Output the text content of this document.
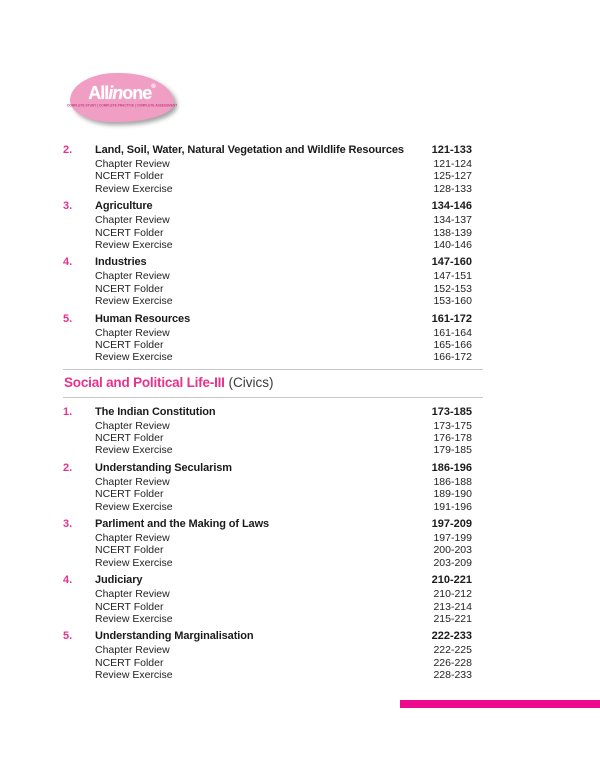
Allinone®
COMPLETE STUDY | COMPLETE PRACTICE | COMPLETE ASSESSMENT
2.	Land, Soil, Water, Natural Vegetation and Wildlife Resources	121-133
Chapter Review	121-124
NCERT Folder	125-127
Review Exercise	128-133
3.	Agriculture	134-146
Chapter Review	134-137
NCERT Folder	138-139
Review Exercise	140-146
4.	Industries	147-160
Chapter Review	147-151
NCERT Folder	152-153
Review Exercise	153-160
5.	Human Resources	161-172
Chapter Review	161-164
NCERT Folder	165-166
Review Exercise	166-172
Social and Political Life-III (Civics)
1.	The Indian Constitution	173-185
Chapter Review	173-175
NCERT Folder	176-178
Review Exercise	179-185
2.	Understanding Secularism	186-196
Chapter Review	186-188
NCERT Folder	189-190
Review Exercise	191-196
3.	Parliment and the Making of Laws	197-209
Chapter Review	197-199
NCERT Folder	200-203
Review Exercise	203-209
4.	Judiciary	210-221
Chapter Review	210-212
NCERT Folder	213-214
Review Exercise	215-221
5.	Understanding Marginalisation	222-233
Chapter Review	222-225
NCERT Folder	226-228
Review Exercise	228-233
